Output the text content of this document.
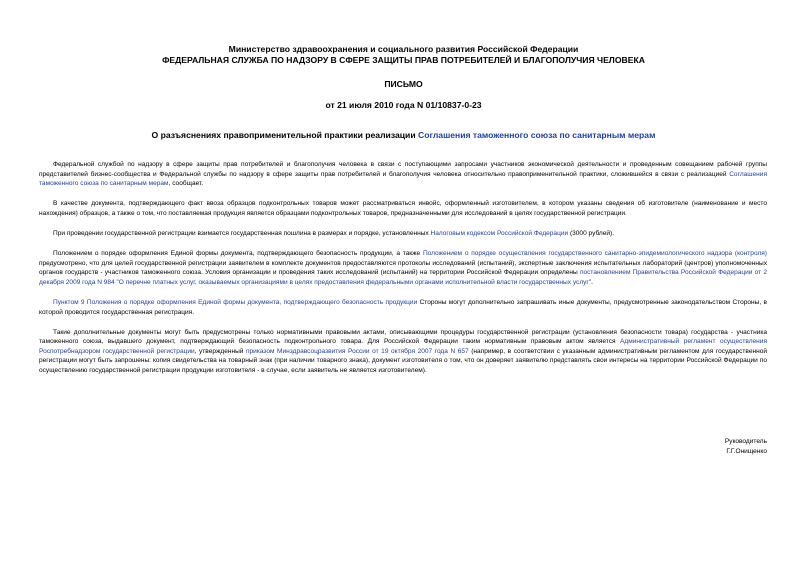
Министерство здравоохранения и социального развития Российской Федерации
ФЕДЕРАЛЬНАЯ СЛУЖБА ПО НАДЗОРУ В СФЕРЕ ЗАЩИТЫ ПРАВ ПОТРЕБИТЕЛЕЙ И БЛАГОПОЛУЧИЯ ЧЕЛОВЕКА
ПИСЬМО
от 21 июля 2010 года N 01/10837-0-23
О разъяснениях правоприменительной практики реализации Соглашения таможенного союза по санитарным мерам

Федеральной службой по надзору в сфере защиты прав потребителей и благополучия человека в связи с поступающими запросами участников экономической деятельности и проведенным совещанием рабочей группы представителей бизнес-сообщества и Федеральной службы по надзору в сфере защиты прав потребителей и благополучия человека относительно правоприменительной практики, сложившейся в связи с реализацией Соглашения таможенного союза по санитарным мерам, сообщает.

В качестве документа, подтверждающего факт ввоза образцов подконтрольных товаров может рассматриваться инвойс, оформленный изготовителем, в котором указаны сведения об изготовителе (наименование и место нахождения) образцов, а также о том, что поставляемая продукция является образцами подконтрольных товаров, предназначенными для исследований в целях государственной регистрации.

При проведении государственной регистрации взимается государственная пошлина в размерах и порядке, установленных Налоговым кодексом Российской Федерации (3000 рублей).

Положением о порядке оформления Единой формы документа, подтверждающего безопасность продукции, а также Положением о порядке осуществления государственного санитарно-эпидемиологического надзора (контроля) предусмотрено, что для целей государственной регистрации заявителем в комплекте документов предоставляются протоколы исследований (испытаний), экспертные заключения испытательных лабораторий (центров) уполномоченных органов государств - участников таможенного союза. Условия организации и проведения таких исследований (испытаний) на территории Российской Федерации определены постановлением Правительства Российской Федерации от 2 декабря 2009 года N 984 "О перечне платных услуг, оказываемых организациями в целях предоставления федеральными органами исполнительной власти государственных услуг".

Пунктом 9 Положения о порядке оформления Единой формы документа, подтверждающего безопасность продукции Стороны могут дополнительно запрашивать иные документы, предусмотренные законодательством Стороны, в которой проводится государственная регистрация.

Такие дополнительные документы могут быть предусмотрены только нормативными правовыми актами, описывающими процедуры государственной регистрации (установления безопасности товара) государства - участника таможенного союза, выдавшего документ, подтверждающий безопасность подконтрольного товара. Для Российской Федерации таким нормативным правовым актом является Административный регламент осуществления Роспотребнадзором государственной регистрации, утвержденный приказом Минздравсоцразвития России от 19 октября 2007 года N 657 (например, в соответствии с указанным административным регламентом для государственной регистрации могут быть запрошены: копия свидетельства на товарный знак (при наличии товарного знака), документ изготовителя о том, что он доверяет заявителю представлять свои интересы на территории Российской Федерации по осуществлению государственной регистрации продукции изготовителя - в случае, если заявитель не является изготовителем).

Руководитель
Г.Г.Онищенко
